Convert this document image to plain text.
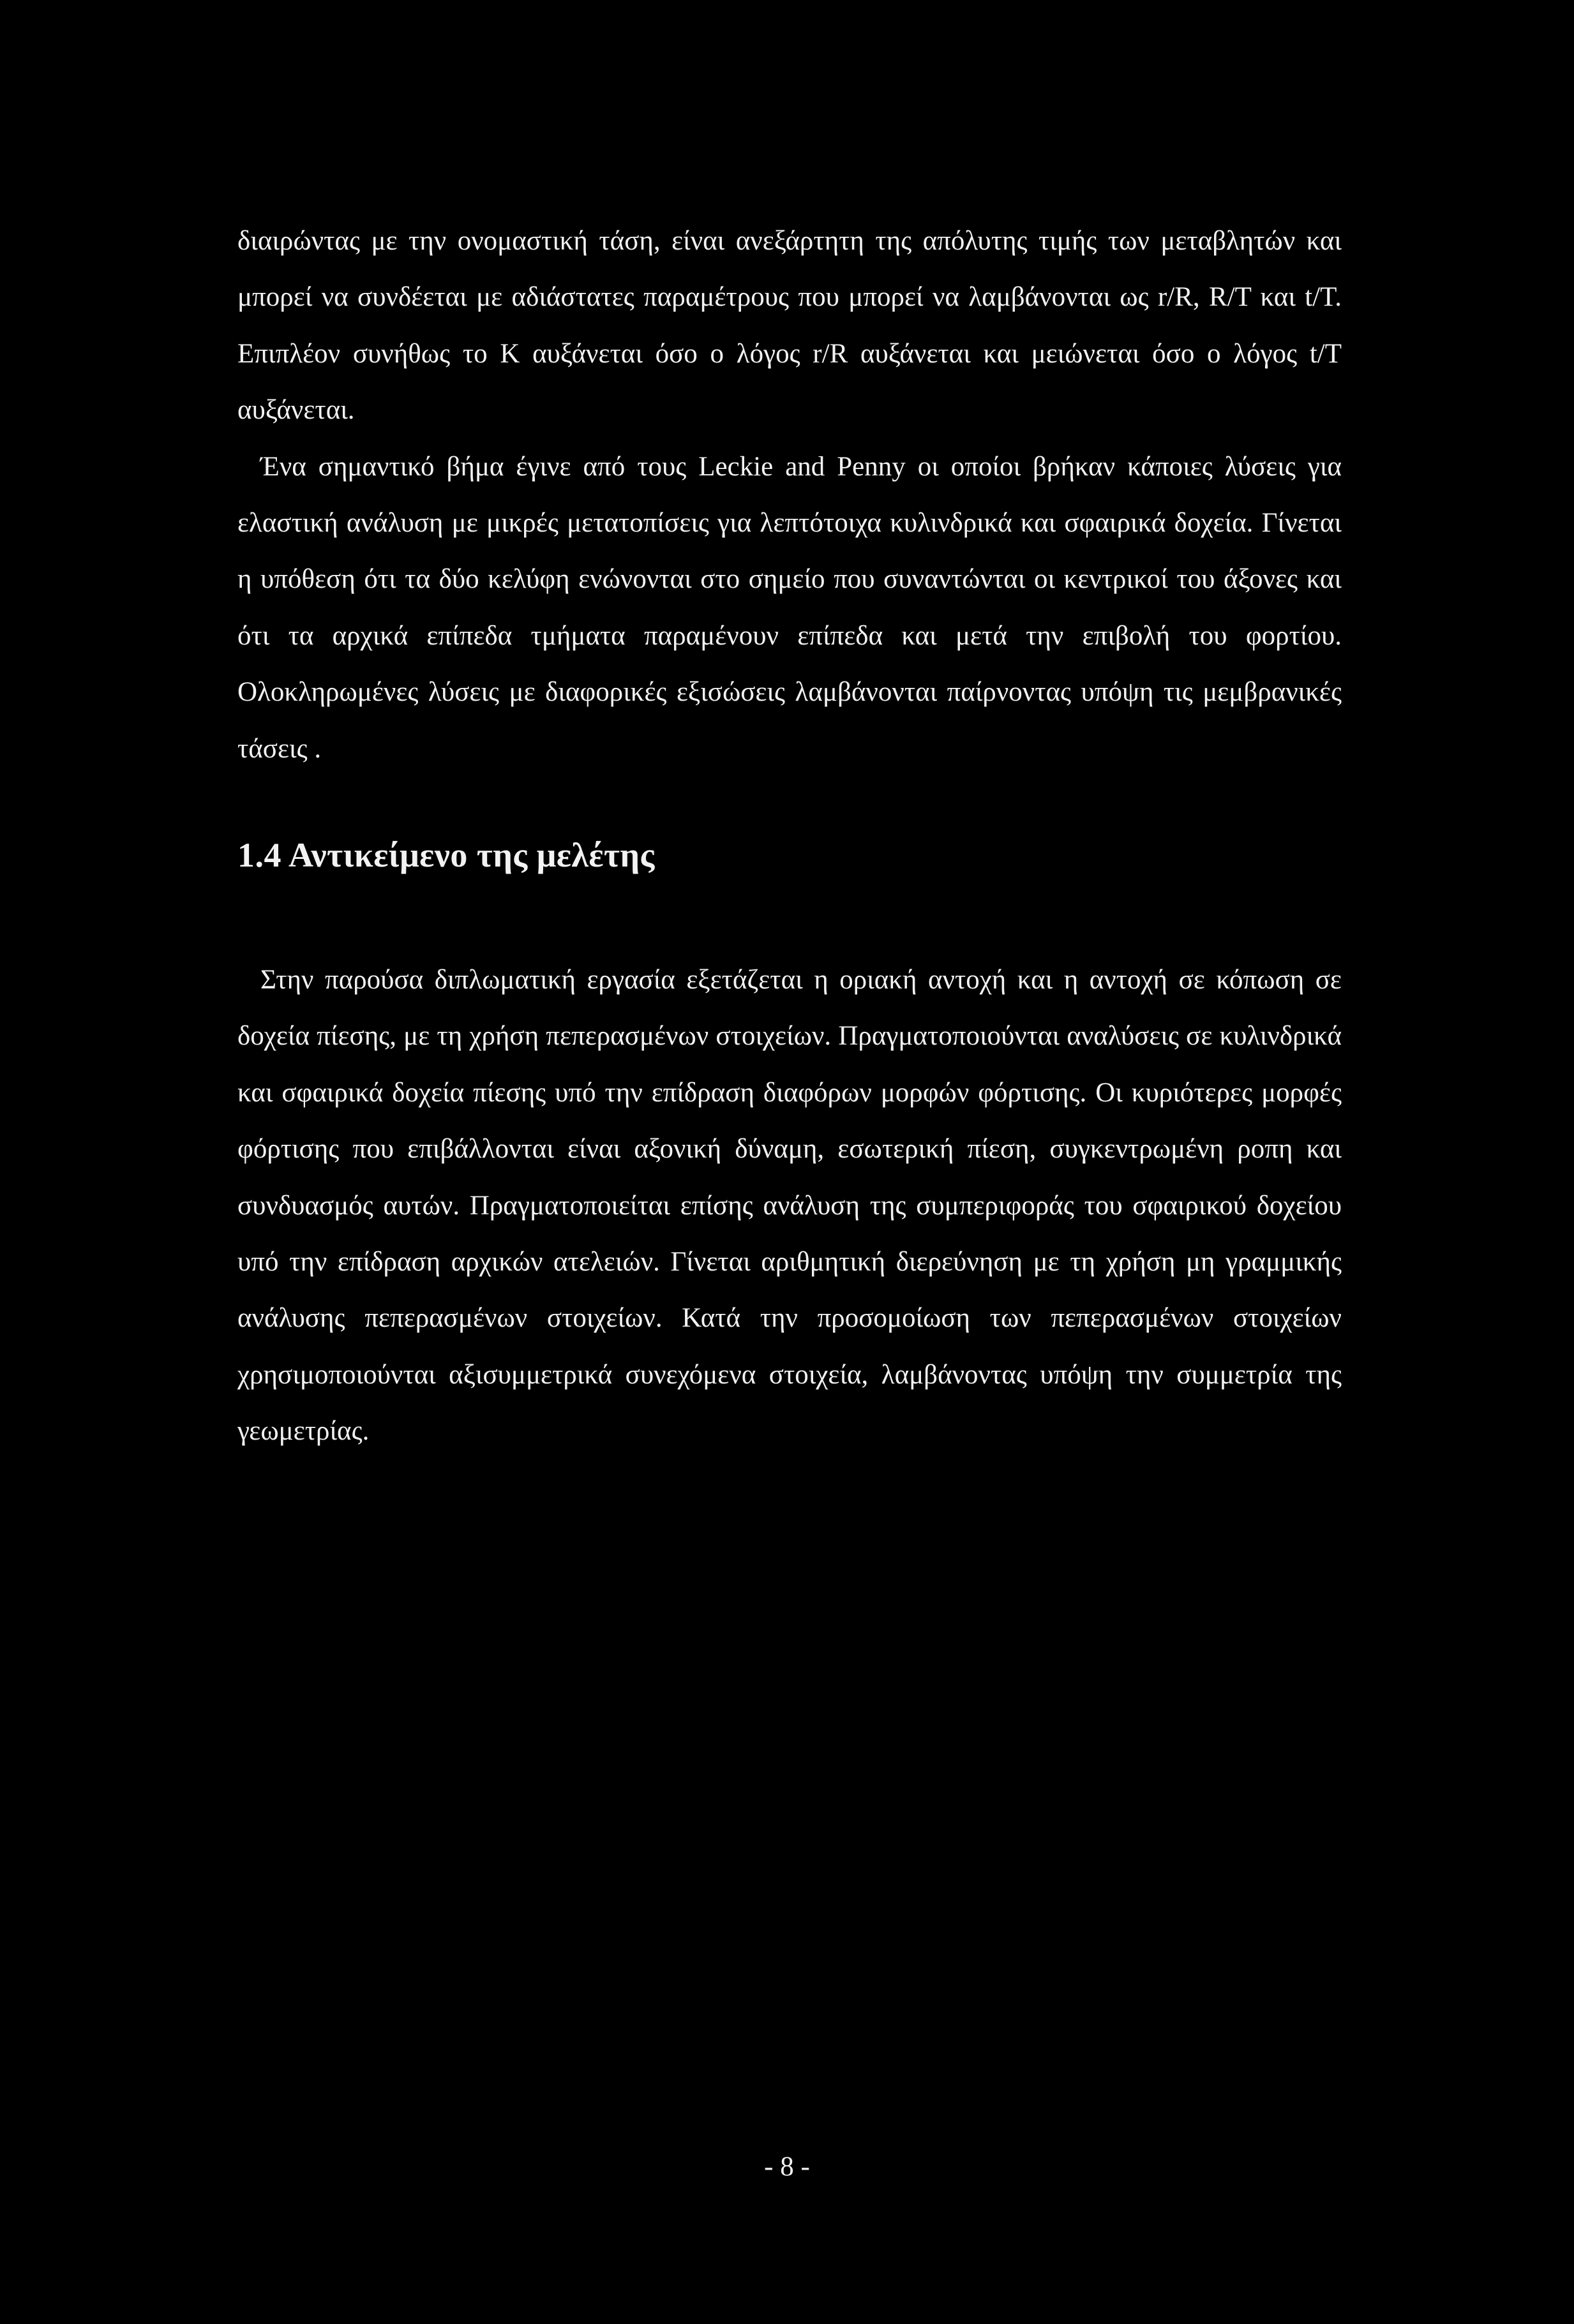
διαιρώντας με την ονομαστική τάση, είναι ανεξάρτητη της απόλυτης τιμής των μεταβλητών και μπορεί να συνδέεται με αδιάστατες παραμέτρους που μπορεί να λαμβάνονται ως r/R, R/T και t/T. Επιπλέον συνήθως το K αυξάνεται όσο ο λόγος r/R αυξάνεται και μειώνεται όσο ο λόγος t/T αυξάνεται.

Ένα σημαντικό βήμα έγινε από τους Leckie and Penny οι οποίοι βρήκαν κάποιες λύσεις για ελαστική ανάλυση με μικρές μετατοπίσεις για λεπτότοιχα κυλινδρικά και σφαιρικά δοχεία. Γίνεται η υπόθεση ότι τα δύο κελύφη ενώνονται στο σημείο που συναντώνται οι κεντρικοί του άξονες και ότι τα αρχικά επίπεδα τμήματα παραμένουν επίπεδα και μετά την επιβολή του φορτίου. Ολοκληρωμένες λύσεις με διαφορικές εξισώσεις λαμβάνονται παίρνοντας υπόψη τις μεμβρανικές τάσεις .

1.4 Αντικείμενο της μελέτης

Στην παρούσα διπλωματική εργασία εξετάζεται η οριακή αντοχή και η αντοχή σε κόπωση σε δοχεία πίεσης, με τη χρήση πεπερασμένων στοιχείων. Πραγματοποιούνται αναλύσεις σε κυλινδρικά και σφαιρικά δοχεία πίεσης υπό την επίδραση διαφόρων μορφών φόρτισης. Οι κυριότερες μορφές φόρτισης που επιβάλλονται είναι αξονική δύναμη, εσωτερική πίεση, συγκεντρωμένη ροπη και συνδυασμός αυτών. Πραγματοποιείται επίσης ανάλυση της συμπεριφοράς του σφαιρικού δοχείου υπό την επίδραση αρχικών ατελειών. Γίνεται αριθμητική διερεύνηση με τη χρήση μη γραμμικής ανάλυσης πεπερασμένων στοιχείων. Κατά την προσομοίωση των πεπερασμένων στοιχείων χρησιμοποιούνται αξισυμμετρικά συνεχόμενα στοιχεία, λαμβάνοντας υπόψη την συμμετρία της γεωμετρίας.

- 8 -
